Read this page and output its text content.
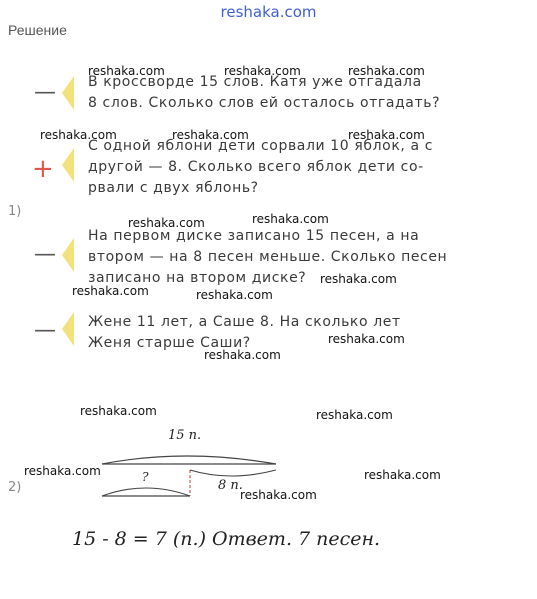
reshaka.com
Решение
— В кроссворде 15 слов. Катя уже отгадала
8 слов. Сколько слов ей осталось отгадать?
+
С одной яблони дети сорвали 10 яблок, а с
другой — 8. Сколько всего яблок дети со-
рвали с двух яблонь?
1)
—
На первом диске записано 15 песен, а на
втором — на 8 песен меньше. Сколько песен
записано на втором диске?
— Жене 11 лет, а Саше 8. На сколько лет
Женя старше Саши?
2)
15 п.
?
8 п.
15 - 8 = 7 (п.) Ответ. 7 песен.
reshaka.com	reshaka.com	reshaka.com
reshaka.com	reshaka.com	reshaka.com
reshaka.com	reshaka.com
reshaka.com
reshaka.com	reshaka.com
reshaka.com
reshaka.com
reshaka.com	reshaka.com
reshaka.com	reshaka.com
reshaka.com
